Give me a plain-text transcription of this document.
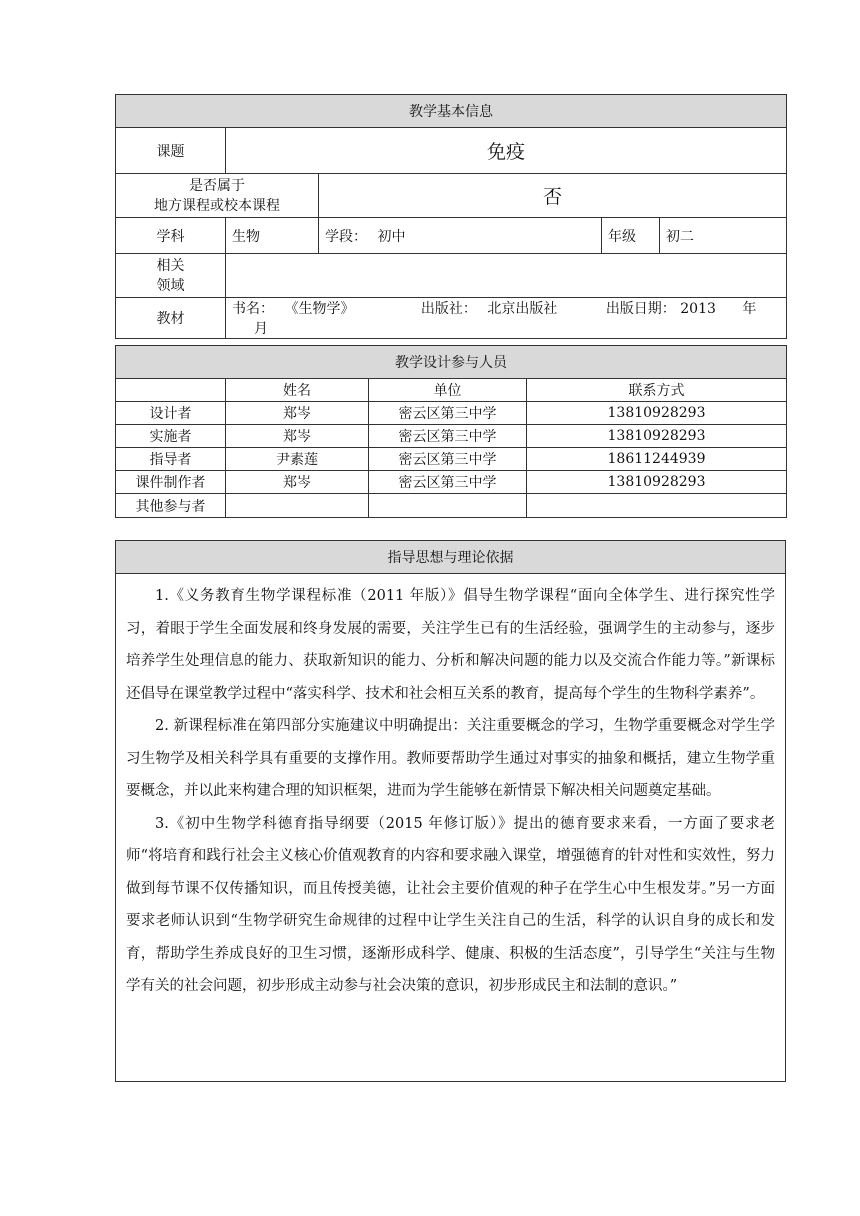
教学基本信息				
课题	免疫			

是否属于
地方课程或校本课程		否		
学科	生物	学段： 初中	年级	初二

相关
领域				

教材	书名： 《生物学》 出版社： 北京出版社 出版日期： 2013 年 月			
教学设计参与人员			
	姓名	单位	联系方式
设计者	郑岑	密云区第三中学	13810928293
实施者	郑岑	密云区第三中学	13810928293
指导者	尹素莲	密云区第三中学	18611244939
课件制作者	郑岑	密云区第三中学	13810928293
其他参与者			
指导思想与理论依据

1.《义务教育生物学课程标准（2011 年版）》倡导生物学课程“面向全体学生、进行探究性学习，着眼于学生全面发展和终身发展的需要，关注学生已有的生活经验，强调学生的主动参与，逐步培养学生处理信息的能力、获取新知识的能力、分析和解决问题的能力以及交流合作能力等。”新课标还倡导在课堂教学过程中“落实科学、技术和社会相互关系的教育，提高每个学生的生物科学素养”。

2. 新课程标准在第四部分实施建议中明确提出：关注重要概念的学习，生物学重要概念对学生学习生物学及相关科学具有重要的支撑作用。教师要帮助学生通过对事实的抽象和概括，建立生物学重要概念，并以此来构建合理的知识框架，进而为学生能够在新情景下解决相关问题奠定基础。

3.《初中生物学科德育指导纲要（2015 年修订版）》提出的德育要求来看，一方面了要求老师“将培育和践行社会主义核心价值观教育的内容和要求融入课堂，增强德育的针对性和实效性，努力做到每节课不仅传播知识，而且传授美德，让社会主要价值观的种子在学生心中生根发芽。”另一方面要求老师认识到“生物学研究生命规律的过程中让学生关注自己的生活，科学的认识自身的成长和发育，帮助学生养成良好的卫生习惯，逐渐形成科学、健康、积极的生活态度”，引导学生“关注与生物学有关的社会问题，初步形成主动参与社会决策的意识，初步形成民主和法制的意识。”
